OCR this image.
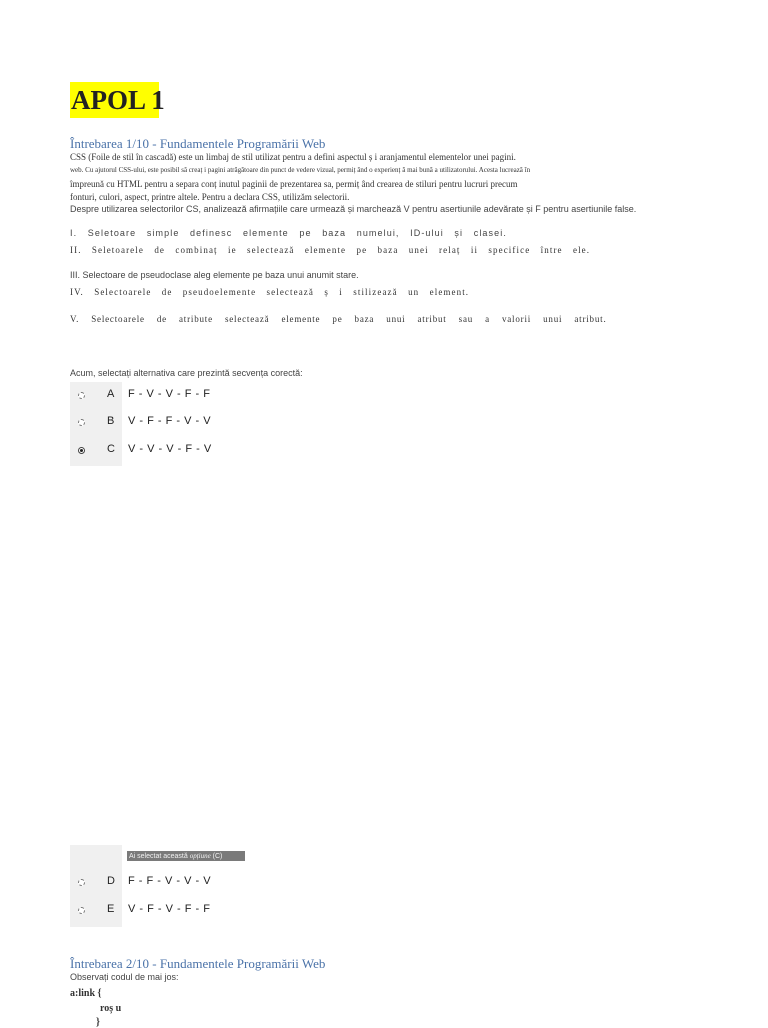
APOL 1
Întrebarea 1/10 - Fundamentele Programării Web
CSS (Foile de stil în cascadă) este un limbaj de stil utilizat pentru a defini aspectul ș i aranjamentul elementelor unei pagini.
web. Cu ajutorul CSS-ului, este posibil să creaț i pagini atrăgătoare din punct de vedere vizual, permiț ând o experienț ă mai bună a utilizatorului. Acesta lucrează în
împreună cu HTML pentru a separa conț inutul paginii de prezentarea sa, permiț ând crearea de stiluri pentru lucruri precum
fonturi, culori, aspect, printre altele. Pentru a declara CSS, utilizăm selectorii.
Despre utilizarea selectorilor CS, analizează afirmațiile care urmează și marchează V pentru asertiunile adevărate și F pentru asertiunile false.
I. Seletoare simple definesc elemente pe baza numelui, ID-ului și clasei.
II. Seletoarele de combinaț ie selectează elemente pe baza unei relaț ii specifice între ele.
III. Selectoare de pseudoclase aleg elemente pe baza unui anumit stare.
IV. Selectoarele de pseudoelemente selectează ș i stilizează un element.
V. Selectoarele de atribute selectează elemente pe baza unui atribut sau a valorii unui atribut.
Acum, selectați alternativa care prezintă secvența corectă:
A F - V - V - F - F
B V - F - F - V - V
C V - V - V - F - V
Ai selectat această opțiune (C)
D F - F - V - V - V
E V - F - V - F - F
Întrebarea 2/10 - Fundamentele Programării Web
Observați codul de mai jos:
a:link {
roș u
}
